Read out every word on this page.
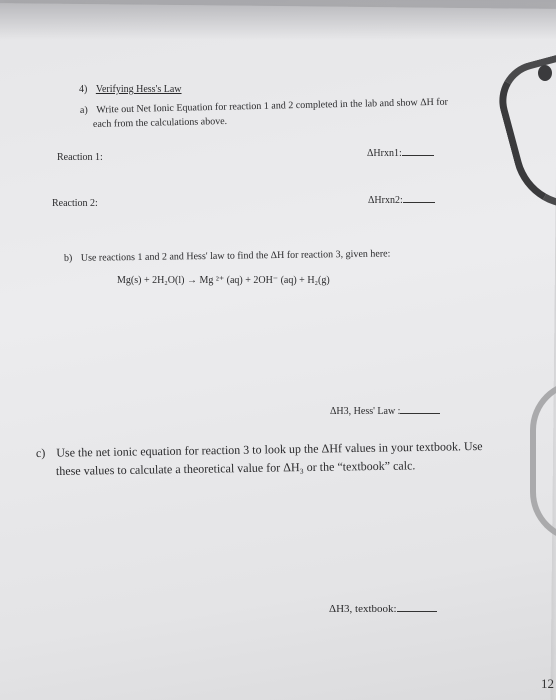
4) Verifying Hess's Law
a) Write out Net Ionic Equation for reaction 1 and 2 completed in the lab and show ΔH for
each from the calculations above.
Reaction 1:	ΔHrxn1:
Reaction 2:	ΔHrxn2:
b) Use reactions 1 and 2 and Hess' law to find the ΔH for reaction 3, given here:
Mg(s) + 2H₂O(l) → Mg ²⁺ (aq) + 2OH⁻ (aq) + H₂(g)
ΔH3, Hess' Law :
c) Use the net ionic equation for reaction 3 to look up the ΔHf values in your textbook. Use
these values to calculate a theoretical value for ΔH₃ or the “textbook” calc.
ΔH3, textbook:
12
